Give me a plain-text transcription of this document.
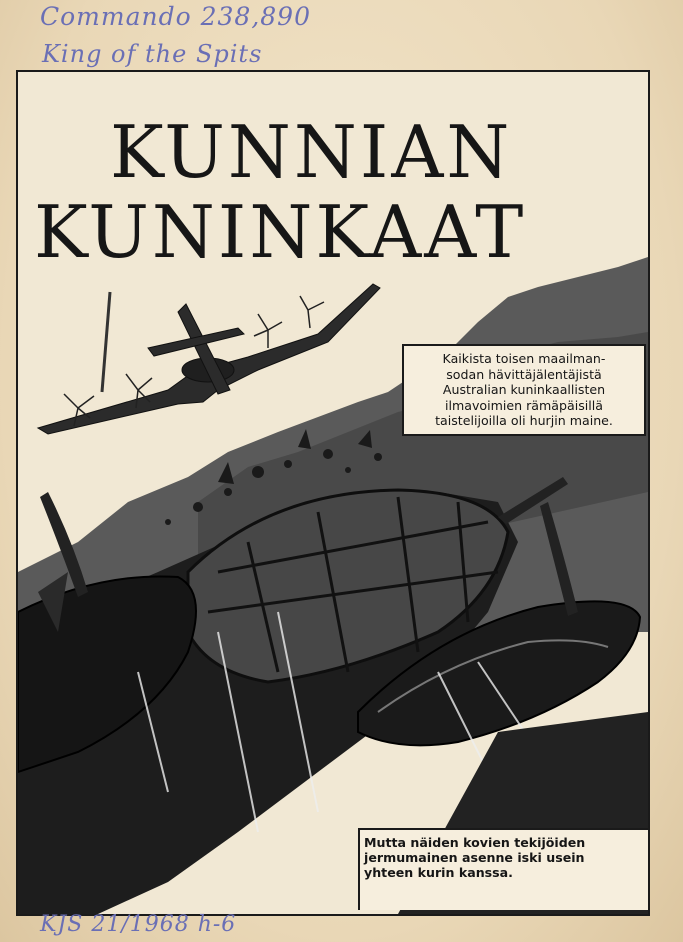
Commando 238,890
King of the Spits
KUNNIAN
KUNINKAAT
Kaikista toisen maailman-
sodan hävittäjälentäjistä
Australian kuninkaallisten
ilmavoimien rämäpäisillä
taistelijoilla oli hurjin maine.
Mutta näiden kovien tekijöiden
jermumainen asenne iski usein
yhteen kurin kanssa.
KJS 21/1968 h-6
